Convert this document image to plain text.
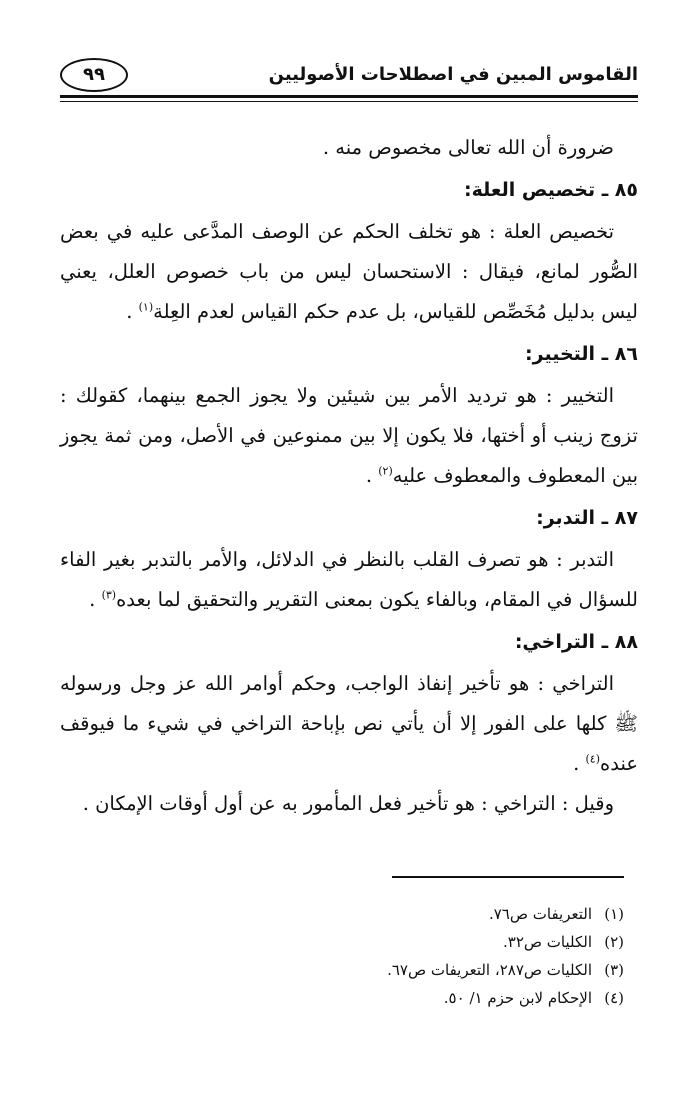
القاموس المبين في اصطلاحات الأصوليين
٩٩

ضرورة أن الله تعالى مخصوص منه .

٨٥ ـ تخصيص العلة:

تخصيص العلة : هو تخلف الحكم عن الوصف المدَّعى عليه في بعض الصُّور لمانع، فيقال : الاستحسان ليس من باب خصوص العلل، يعني ليس بدليل مُخَصِّص للقياس، بل عدم حكم القياس لعدم العِلة$^{(١)}$ .

٨٦ ـ التخيير:

التخيير : هو ترديد الأمر بين شيئين ولا يجوز الجمع بينهما، كقولك : تزوج زينب أو أختها، فلا يكون إلا بين ممنوعين في الأصل، ومن ثمة يجوز بين المعطوف والمعطوف عليه$^{(٢)}$ .

٨٧ ـ التدبر:

التدبر : هو تصرف القلب بالنظر في الدلائل، والأمر بالتدبر بغير الفاء للسؤال في المقام، وبالفاء يكون بمعنى التقرير والتحقيق لما بعده$^{(٣)}$ .

٨٨ ـ التراخي:

التراخي : هو تأخير إنفاذ الواجب، وحكم أوامر الله عز وجل ورسوله ﷺ كلها على الفور إلا أن يأتي نص بإباحة التراخي في شيء ما فيوقف عنده$^{(٤)}$ .

وقيل : التراخي : هو تأخير فعل المأمور به عن أول أوقات الإمكان .

(١)التعريفات ص٧٦.
(٢)الكليات ص٣٢.
(٣)الكليات ص٢٨٧، التعريفات ص٦٧.
(٤)الإحكام لابن حزم ١/ ٥٠.
